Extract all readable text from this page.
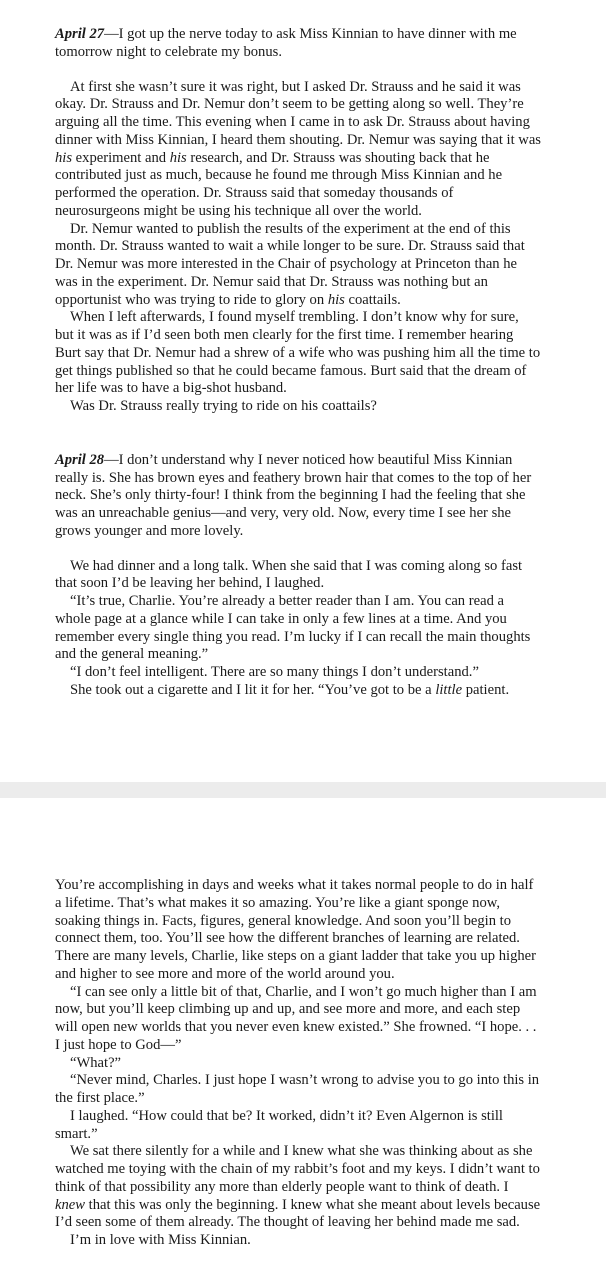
April 27—I got up the nerve today to ask Miss Kinnian to have dinner with me tomorrow night to celebrate my bonus.

At first she wasn’t sure it was right, but I asked Dr. Strauss and he said it was okay. Dr. Strauss and Dr. Nemur don’t seem to be getting along so well. They’re arguing all the time. This evening when I came in to ask Dr. Strauss about having dinner with Miss Kinnian, I heard them shouting. Dr. Nemur was saying that it was his experiment and his research, and Dr. Strauss was shouting back that he contributed just as much, because he found me through Miss Kinnian and he performed the operation. Dr. Strauss said that someday thousands of neurosurgeons might be using his technique all over the world.

Dr. Nemur wanted to publish the results of the experiment at the end of this month. Dr. Strauss wanted to wait a while longer to be sure. Dr. Strauss said that Dr. Nemur was more interested in the Chair of psychology at Princeton than he was in the experiment. Dr. Nemur said that Dr. Strauss was nothing but an opportunist who was trying to ride to glory on his coattails.

When I left afterwards, I found myself trembling. I don’t know why for sure, but it was as if I’d seen both men clearly for the first time. I remember hearing Burt say that Dr. Nemur had a shrew of a wife who was pushing him all the time to get things published so that he could became famous. Burt said that the dream of her life was to have a big-shot husband.

Was Dr. Strauss really trying to ride on his coattails?

April 28—I don’t understand why I never noticed how beautiful Miss Kinnian really is. She has brown eyes and feathery brown hair that comes to the top of her neck. She’s only thirty-four! I think from the beginning I had the feeling that she was an unreachable genius—and very, very old. Now, every time I see her she grows younger and more lovely.

We had dinner and a long talk. When she said that I was coming along so fast that soon I’d be leaving her behind, I laughed.

“It’s true, Charlie. You’re already a better reader than I am. You can read a whole page at a glance while I can take in only a few lines at a time. And you remember every single thing you read. I’m lucky if I can recall the main thoughts and the general meaning.”

“I don’t feel intelligent. There are so many things I don’t understand.”

She took out a cigarette and I lit it for her. “You’ve got to be a little patient.

You’re accomplishing in days and weeks what it takes normal people to do in half a lifetime. That’s what makes it so amazing. You’re like a giant sponge now, soaking things in. Facts, figures, general knowledge. And soon you’ll begin to connect them, too. You’ll see how the different branches of learning are related. There are many levels, Charlie, like steps on a giant ladder that take you up higher and higher to see more and more of the world around you.

“I can see only a little bit of that, Charlie, and I won’t go much higher than I am now, but you’ll keep climbing up and up, and see more and more, and each step will open new worlds that you never even knew existed.” She frowned. “I hope. . . I just hope to God—”

“What?”

“Never mind, Charles. I just hope I wasn’t wrong to advise you to go into this in the first place.”

I laughed. “How could that be? It worked, didn’t it? Even Algernon is still smart.”

We sat there silently for a while and I knew what she was thinking about as she watched me toying with the chain of my rabbit’s foot and my keys. I didn’t want to think of that possibility any more than elderly people want to think of death. I knew that this was only the beginning. I knew what she meant about levels because I’d seen some of them already. The thought of leaving her behind made me sad.

I’m in love with Miss Kinnian.
